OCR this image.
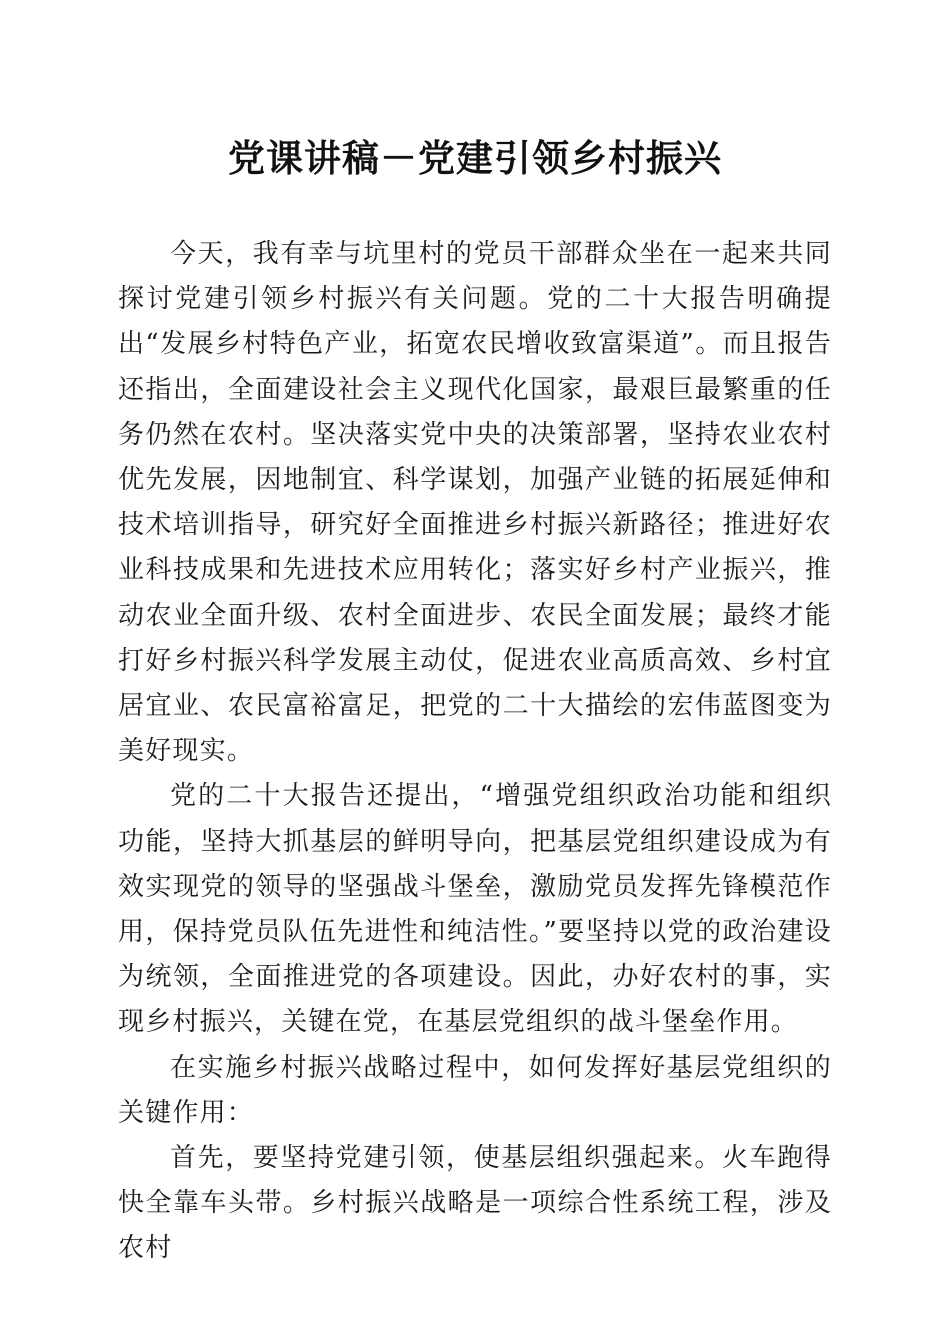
党课讲稿－党建引领乡村振兴

今天，我有幸与坑里村的党员干部群众坐在一起来共同探讨党建引领乡村振兴有关问题。党的二十大报告明确提出“发展乡村特色产业，拓宽农民增收致富渠道”。而且报告还指出，全面建设社会主义现代化国家，最艰巨最繁重的任务仍然在农村。坚决落实党中央的决策部署，坚持农业农村优先发展，因地制宜、科学谋划，加强产业链的拓展延伸和技术培训指导，研究好全面推进乡村振兴新路径；推进好农业科技成果和先进技术应用转化；落实好乡村产业振兴，推动农业全面升级、农村全面进步、农民全面发展；最终才能打好乡村振兴科学发展主动仗，促进农业高质高效、乡村宜居宜业、农民富裕富足，把党的二十大描绘的宏伟蓝图变为美好现实。

党的二十大报告还提出，“增强党组织政治功能和组织功能，坚持大抓基层的鲜明导向，把基层党组织建设成为有效实现党的领导的坚强战斗堡垒，激励党员发挥先锋模范作用，保持党员队伍先进性和纯洁性。”要坚持以党的政治建设为统领，全面推进党的各项建设。因此，办好农村的事，实现乡村振兴，关键在党，在基层党组织的战斗堡垒作用。

在实施乡村振兴战略过程中，如何发挥好基层党组织的关键作用：

首先，要坚持党建引领，使基层组织强起来。火车跑得快全靠车头带。乡村振兴战略是一项综合性系统工程，涉及农村
